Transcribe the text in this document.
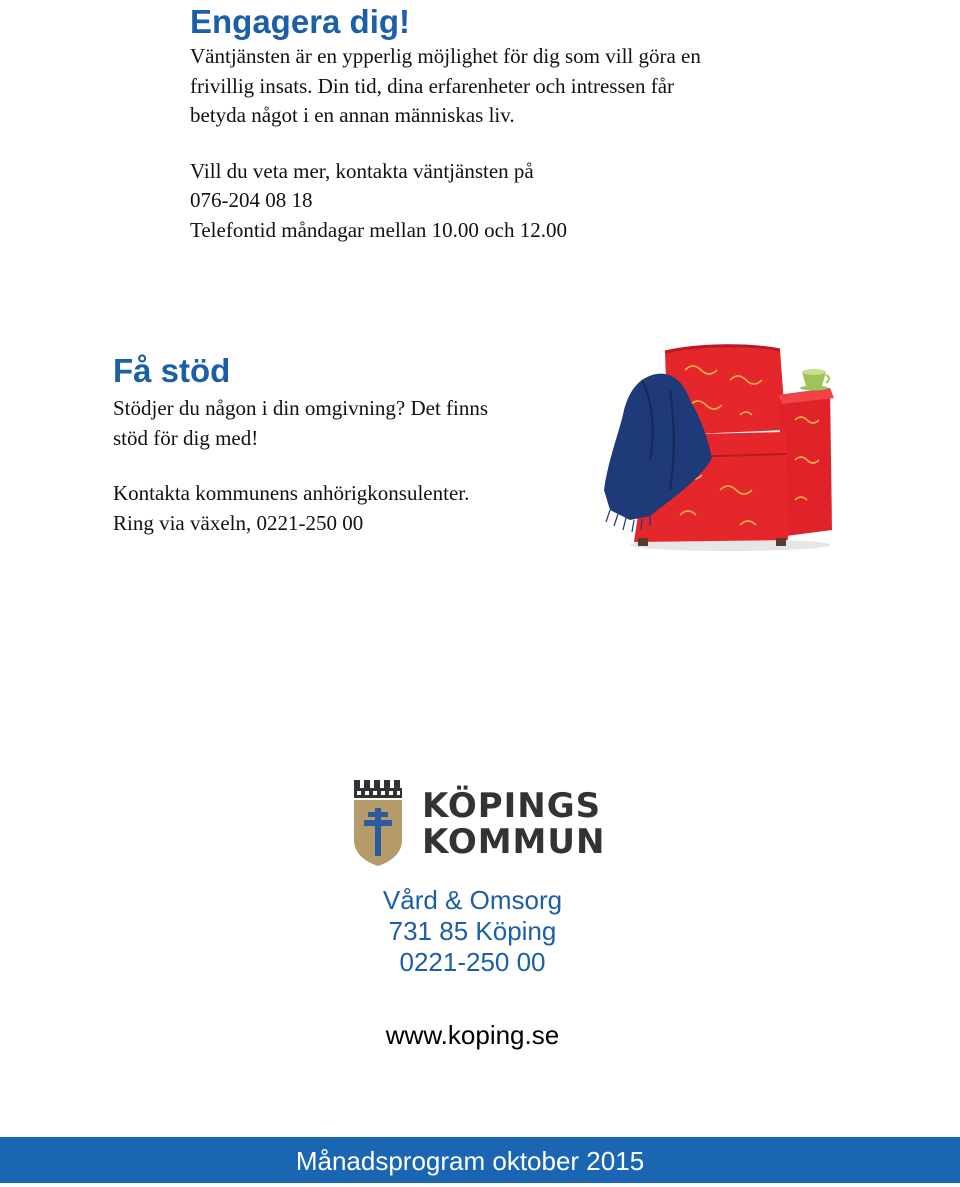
Engagera dig!

Väntjänsten är en ypperlig möjlighet för dig som vill göra en

frivillig insats. Din tid, dina erfarenheter och intressen får

betyda något i en annan människas liv.

Vill du veta mer, kontakta väntjänsten på

076-204 08 18

Telefontid måndagar mellan 10.00 och 12.00

Få stöd

Stödjer du någon i din omgivning? Det finns

stöd för dig med!

Kontakta kommunens anhörigkonsulenter.

Ring via växeln, 0221-250 00

KÖPINGS
KOMMUN
Vård & Omsorg
731 85 Köping
0221-250 00
www.koping.se
Månadsprogram oktober 2015
